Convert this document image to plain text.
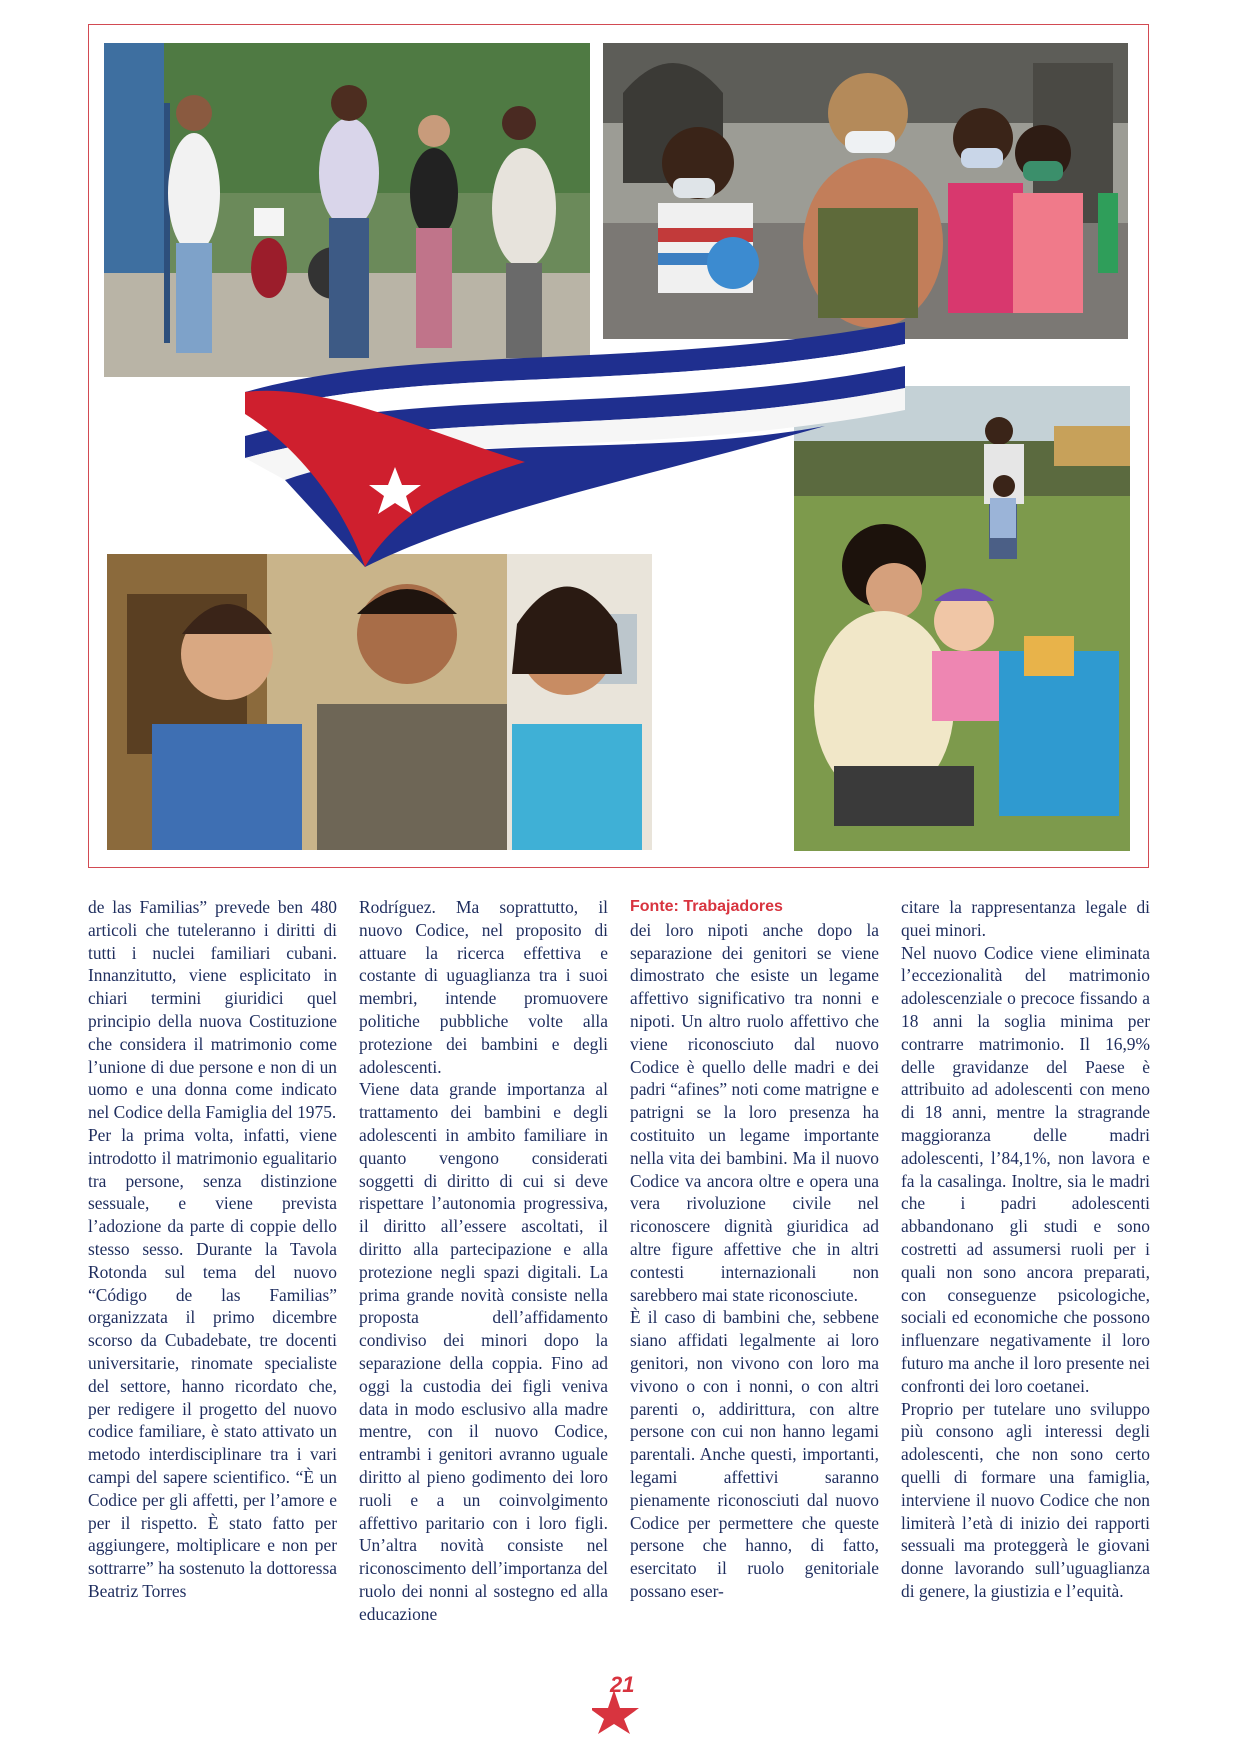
de las Familias” prevede ben 480 articoli che tuteleranno i diritti di tutti i nuclei familiari cubani. Innanzitutto, viene esplicitato in chiari termini giuridici quel principio della nuova Costituzione che considera il matrimonio come l’unione di due persone e non di un uomo e una donna come indicato nel Codice della Famiglia del 1975.

Per la prima volta, infatti, viene introdotto il matrimonio egualitario tra persone, senza distinzione sessuale, e viene prevista l’adozione da parte di coppie dello stesso sesso. Durante la Tavola Rotonda sul tema del nuovo “Código de las Familias” organizzata il primo dicembre scorso da Cubadebate, tre docenti universitarie, rinomate specialiste del settore, hanno ricordato che, per redigere il progetto del nuovo codice familiare, è stato attivato un metodo interdisciplinare tra i vari campi del sapere scientifico. “È un Codice per gli affetti, per l’amore e per il rispetto. È stato fatto per aggiungere, moltiplicare e non per sottrarre” ha sostenuto la dottoressa Beatriz Torres

Rodríguez. Ma soprattutto, il nuovo Codice, nel proposito di attuare la ricerca effettiva e costante di uguaglianza tra i suoi membri, intende promuovere politiche pubbliche volte alla protezione dei bambini e degli adolescenti.

Viene data grande importanza al trattamento dei bambini e degli adolescenti in ambito familiare in quanto vengono considerati soggetti di diritto di cui si deve rispettare l’autonomia progressiva, il diritto all’essere ascoltati, il diritto alla partecipazione e alla protezione negli spazi digitali. La prima grande novità consiste nella proposta dell’affidamento condiviso dei minori dopo la separazione della coppia. Fino ad oggi la custodia dei figli veniva data in modo esclusivo alla madre mentre, con il nuovo Codice, entrambi i genitori avranno uguale diritto al pieno godimento dei loro ruoli e a un coinvolgimento affettivo paritario con i loro figli. Un’altra novità consiste nel riconoscimento dell’importanza del ruolo dei nonni al sostegno ed alla educazione

Fonte: Trabajadores

dei loro nipoti anche dopo la separazione dei genitori se viene dimostrato che esiste un legame affettivo significativo tra nonni e nipoti. Un altro ruolo affettivo che viene riconosciuto dal nuovo Codice è quello delle madri e dei padri “afines” noti come matrigne e patrigni se la loro presenza ha costituito un legame importante nella vita dei bambini. Ma il nuovo Codice va ancora oltre e opera una vera rivoluzione civile nel riconoscere dignità giuridica ad altre figure affettive che in altri contesti internazionali non sarebbero mai state riconosciute.

È il caso di bambini che, sebbene siano affidati legalmente ai loro genitori, non vivono con loro ma vivono o con i nonni, o con altri parenti o, addirittura, con altre persone con cui non hanno legami parentali. Anche questi, importanti, legami affettivi saranno pienamente riconosciuti dal nuovo Codice per permettere che queste persone che hanno, di fatto, esercitato il ruolo genitoriale possano eser-

citare la rappresentanza legale di quei minori.

Nel nuovo Codice viene eliminata l’eccezionalità del matrimonio adolescenziale o precoce fissando a 18 anni la soglia minima per contrarre matrimonio. Il 16,9% delle gravidanze del Paese è attribuito ad adolescenti con meno di 18 anni, mentre la stragrande maggioranza delle madri adolescenti, l’84,1%, non lavora e fa la casalinga. Inoltre, sia le madri che i padri adolescenti abbandonano gli studi e sono costretti ad assumersi ruoli per i quali non sono ancora preparati, con conseguenze psicologiche, sociali ed economiche che possono influenzare negativamente il loro futuro ma anche il loro presente nei confronti dei loro coetanei.

Proprio per tutelare uno sviluppo più consono agli interessi degli adolescenti, che non sono certo quelli di formare una famiglia, interviene il nuovo Codice che non limiterà l’età di inizio dei rapporti sessuali ma proteggerà le giovani donne lavorando sull’uguaglianza di genere, la giustizia e l’equità.

21
